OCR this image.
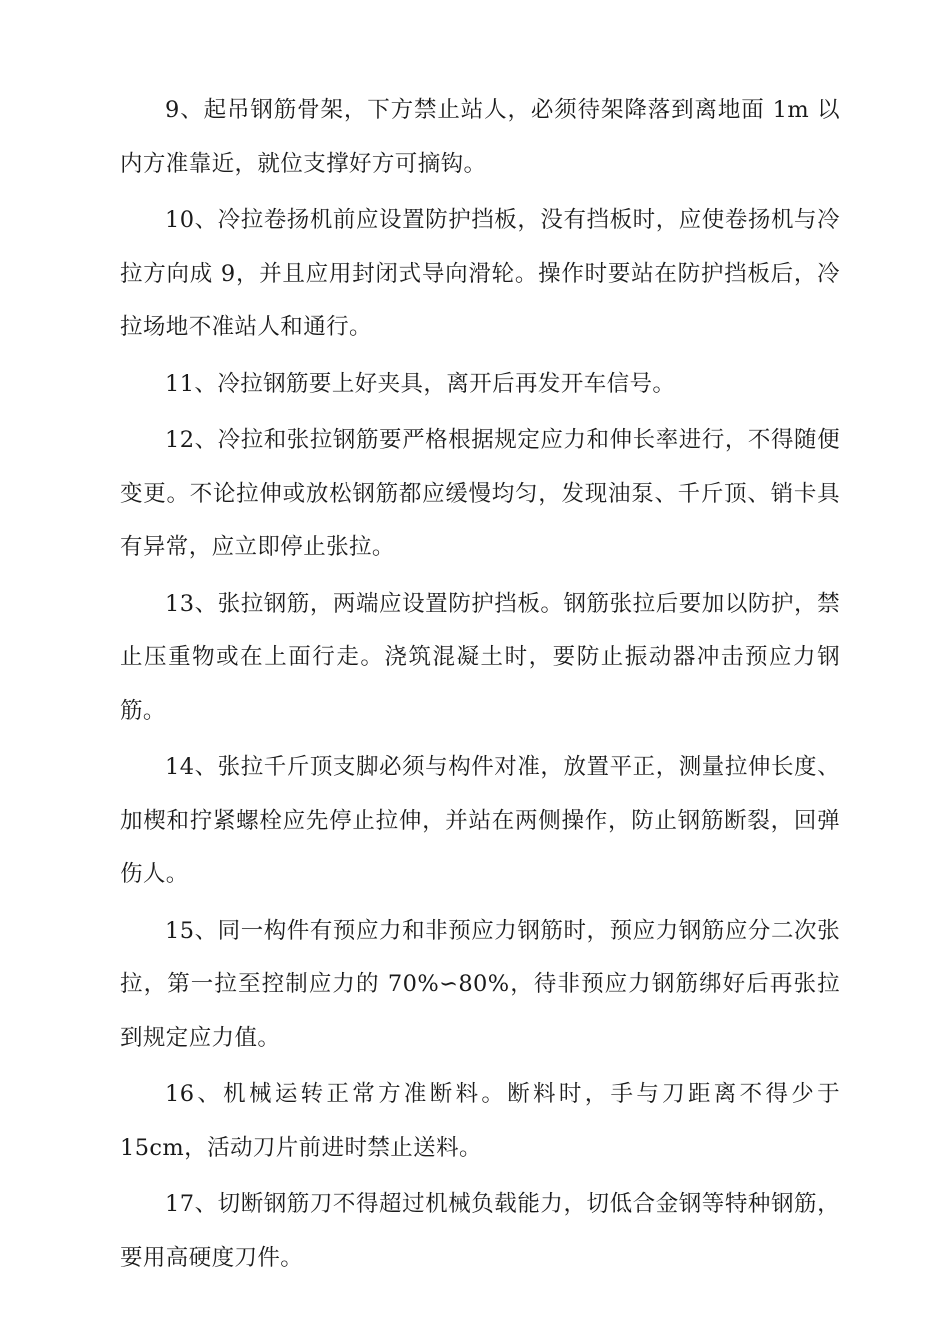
9、起吊钢筋骨架，下方禁止站人，必须待架降落到离地面 1m 以内方准靠近，就位支撑好方可摘钩。

10、冷拉卷扬机前应设置防护挡板，没有挡板时，应使卷扬机与冷拉方向成 9，并且应用封闭式导向滑轮。操作时要站在防护挡板后，冷拉场地不准站人和通行。

11、冷拉钢筋要上好夹具，离开后再发开车信号。

12、冷拉和张拉钢筋要严格根据规定应力和伸长率进行，不得随便变更。不论拉伸或放松钢筋都应缓慢均匀，发现油泵、千斤顶、销卡具有异常，应立即停止张拉。

13、张拉钢筋，两端应设置防护挡板。钢筋张拉后要加以防护，禁止压重物或在上面行走。浇筑混凝土时，要防止振动器冲击预应力钢筋。

14、张拉千斤顶支脚必须与构件对准，放置平正，测量拉伸长度、加楔和拧紧螺栓应先停止拉伸，并站在两侧操作，防止钢筋断裂，回弹伤人。

15、同一构件有预应力和非预应力钢筋时，预应力钢筋应分二次张拉，第一拉至控制应力的 70%∽80%，待非预应力钢筋绑好后再张拉到规定应力值。

16、机械运转正常方准断料。断料时，手与刀距离不得少于 15cm，活动刀片前进时禁止送料。

17、切断钢筋刀不得超过机械负载能力，切低合金钢等特种钢筋，要用高硬度刀件。
